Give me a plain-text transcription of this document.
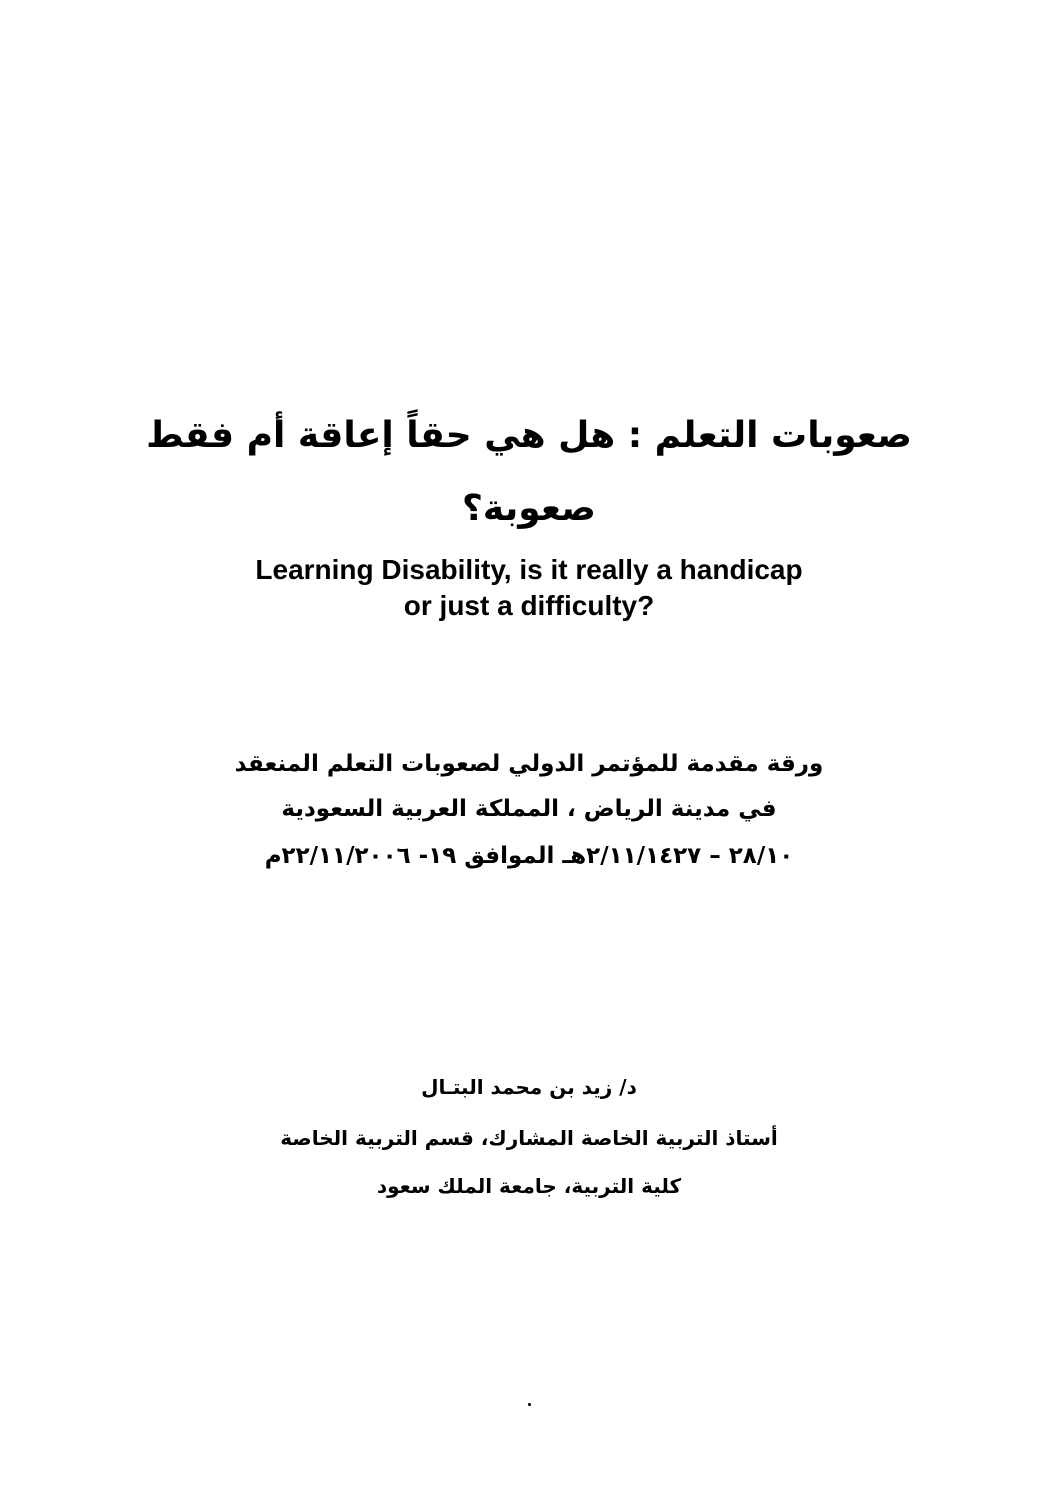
صعوبات التعلم : هل هي حقاً إعاقة أم فقط
صعوبة؟
Learning Disability, is it really a handicap
or just a difficulty?
ورقة مقدمة للمؤتمر الدولي لصعوبات التعلم المنعقد
في مدينة الرياض ، المملكة العربية السعودية
٢٨/١٠ – ٢/١١/١٤٢٧هـ الموافق ١٩- ٢٢/١١/٢٠٠٦م
د/ زيد بن محمد البتـال
أستاذ التربية الخاصة المشارك، قسم التربية الخاصة
كلية التربية، جامعة الملك سعود
